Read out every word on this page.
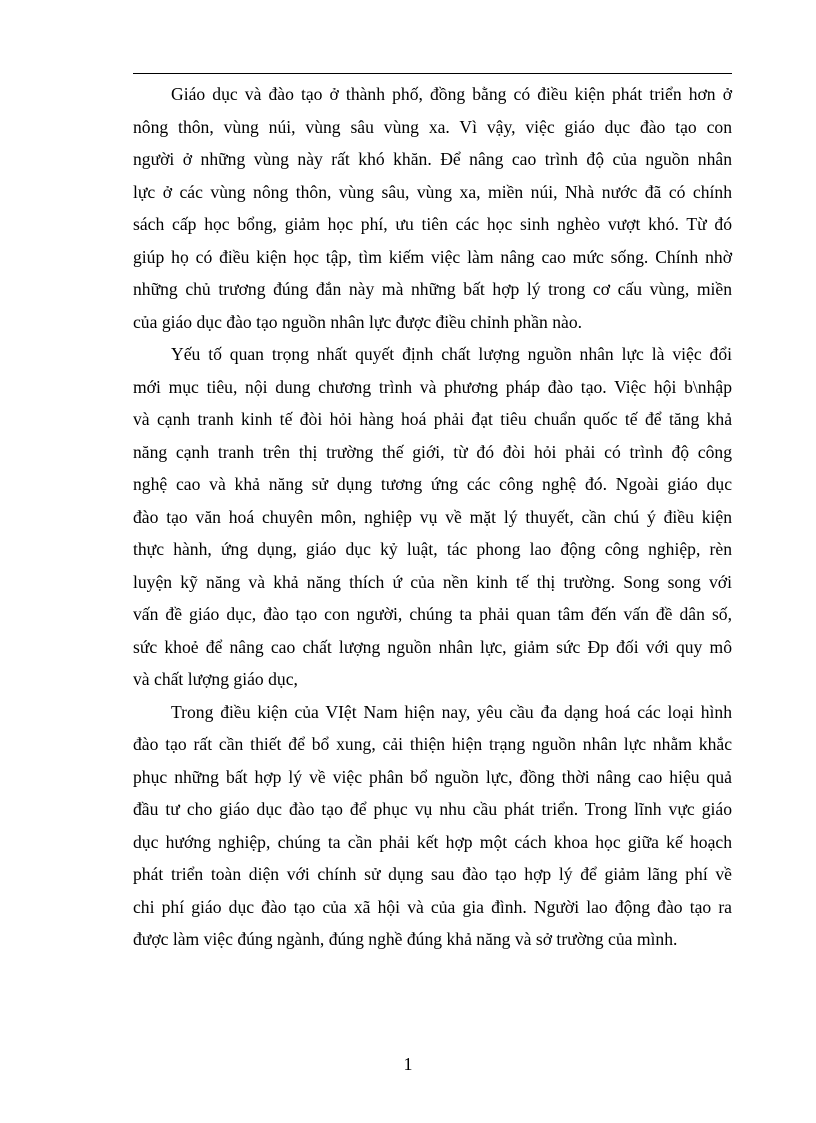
Giáo dục và đào tạo ở thành phố, đồng bằng có điều kiện phát triển hơn ở
nông thôn, vùng núi, vùng sâu vùng xa. Vì vậy, việc giáo dục đào tạo con
người ở những vùng này rất khó khăn. Để nâng cao trình độ của nguồn nhân
lực ở các vùng nông thôn, vùng sâu, vùng xa, miền núi, Nhà nước đã có chính
sách cấp học bổng, giảm học phí, ưu tiên các học sinh nghèo vượt khó. Từ đó
giúp họ có điều kiện học tập, tìm kiếm việc làm nâng cao mức sống. Chính nhờ
những chủ trương đúng đắn này mà những bất hợp lý trong cơ cấu vùng, miền
của giáo dục đào tạo nguồn nhân lực được điều chỉnh phần nào.
Yếu tố quan trọng nhất quyết định chất lượng nguồn nhân lực là việc đổi
mới mục tiêu, nội dung chương trình và phương pháp đào tạo. Việc hội b\nhập
và cạnh tranh kinh tế đòi hỏi hàng hoá phải đạt tiêu chuẩn quốc tế để tăng khả
năng cạnh tranh trên thị trường thế giới, từ đó đòi hỏi phải có trình độ công
nghệ cao và khả năng sử dụng tương ứng các công nghệ đó. Ngoài giáo dục
đào tạo văn hoá chuyên môn, nghiệp vụ về mặt lý thuyết, cần chú ý điều kiện
thực hành, ứng dụng, giáo dục kỷ luật, tác phong lao động công nghiệp, rèn
luyện kỹ năng và khả năng thích ứ của nền kinh tế thị trường. Song song với
vấn đề giáo dục, đào tạo con người, chúng ta phải quan tâm đến vấn đề dân số,
sức khoẻ để nâng cao chất lượng nguồn nhân lực, giảm sức Đp đối với quy mô
và chất lượng giáo dục,
Trong điều kiện của VIệt Nam hiện nay, yêu cầu đa dạng hoá các loại hình
đào tạo rất cần thiết để bổ xung, cải thiện hiện trạng nguồn nhân lực nhằm khắc
phục những bất hợp lý về việc phân bổ nguồn lực, đồng thời nâng cao hiệu quả
đầu tư cho giáo dục đào tạo để phục vụ nhu cầu phát triển. Trong lĩnh vực giáo
dục hướng nghiệp, chúng ta cần phải kết hợp một cách khoa học giữa kế hoạch
phát triển toàn diện với chính sử dụng sau đào tạo hợp lý để giảm lãng phí về
chi phí giáo dục đào tạo của xã hội và của gia đình. Người lao động đào tạo ra
được làm việc đúng ngành, đúng nghề đúng khả năng và sở trường của mình.
1
